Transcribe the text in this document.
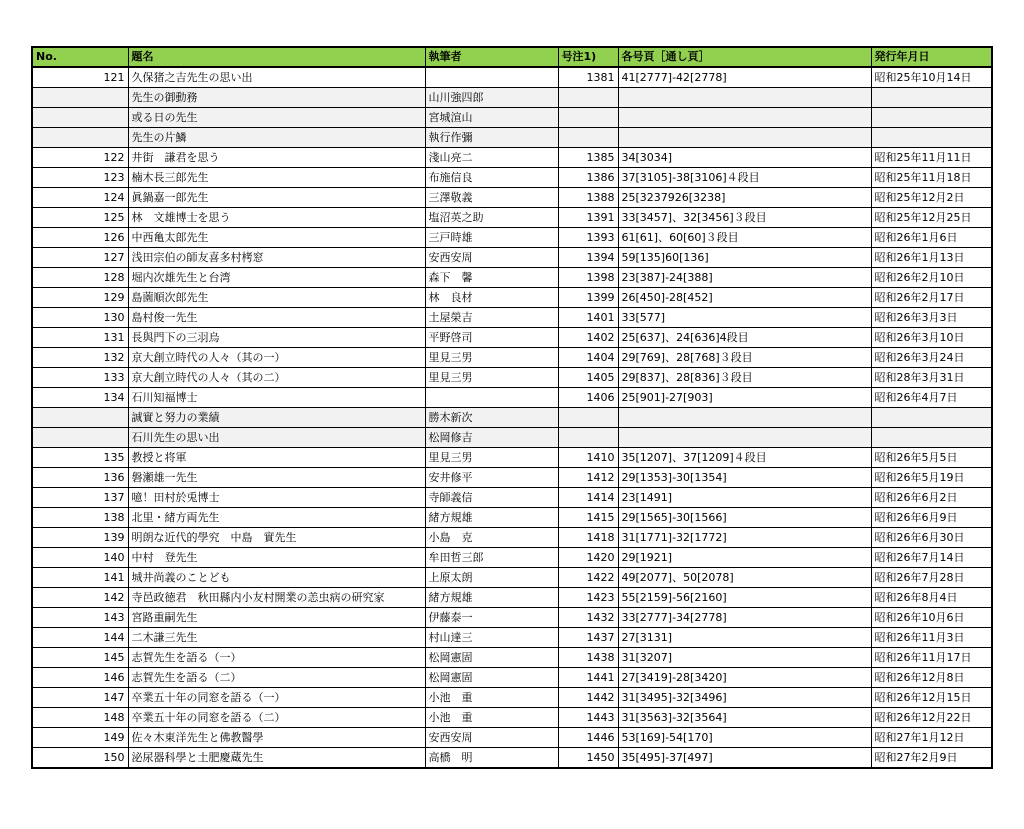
No.	題名	執筆者	号注1)	各号頁［通し頁］	発行年月日
121	久保猪之吉先生の思い出		1381	41[2777]-42[2778]	昭和25年10月14日
	先生の御動務	山川強四郎			
	或る日の先生	宮城渲山			
	先生の片鱗	執行作彌			
122	井街　謙君を思う	淺山亮二	1385	34[3034]	昭和25年11月11日
123	楠木長三郎先生	布施信良	1386	37[3105]-38[3106]４段目	昭和25年11月18日
124	眞鍋嘉一郎先生	三澤敬義	1388	25[3237926[3238]	昭和25年12月2日
125	林　文雄博士を思う	塩沼英之助	1391	33[3457]、32[3456]３段目	昭和25年12月25日
126	中西亀太郎先生	三戸時雄	1393	61[61]、60[60]３段目	昭和26年1月6日
127	浅田宗伯の師友喜多村栲窓	安西安周	1394	59[135]60[136]	昭和26年1月13日
128	堀内次雄先生と台湾	森下　馨	1398	23[387]-24[388]	昭和26年2月10日
129	島薗順次郎先生	林　良材	1399	26[450]-28[452]	昭和26年2月17日
130	島村俊一先生	土屋榮吉	1401	33[577]	昭和26年3月3日
131	長與門下の三羽烏	平野啓司	1402	25[637]、24[636]4段目	昭和26年3月10日
132	京大創立時代の人々（其の一）	里見三男	1404	29[769]、28[768]３段目	昭和26年3月24日
133	京大創立時代の人々（其の二）	里見三男	1405	29[837]、28[836]３段目	昭和28年3月31日
134	石川知福博士		1406	25[901]-27[903]	昭和26年4月7日
	誠實と努力の業績	勝木新次			
	石川先生の思い出	松岡修吉			
135	教授と将軍	里見三男	1410	35[1207]、37[1209]４段目	昭和26年5月5日
136	磐瀬雄一先生	安井修平	1412	29[1353]-30[1354]	昭和26年5月19日
137	噫！田村於兎博士	寺師義信	1414	23[1491]	昭和26年6月2日
138	北里・緒方両先生	緒方規雄	1415	29[1565]-30[1566]	昭和26年6月9日
139	明朗な近代的學究　中島　實先生	小島　克	1418	31[1771]-32[1772]	昭和26年6月30日
140	中村　登先生	牟田哲三郎	1420	29[1921]	昭和26年7月14日
141	城井尚義のことども	上原太朗	1422	49[2077]、50[2078]	昭和26年7月28日
142	寺邑政徳君　秋田縣内小友村開業の恙虫病の研究家	緒方規雄	1423	55[2159]-56[2160]	昭和26年8月4日
143	宮路重嗣先生	伊藤泰一	1432	33[2777]-34[2778]	昭和26年10月6日
144	二木謙三先生	村山達三	1437	27[3131]	昭和26年11月3日
145	志賀先生を語る（一）	松岡憲固	1438	31[3207]	昭和26年11月17日
146	志賀先生を語る（二）	松岡憲固	1441	27[3419]-28[3420]	昭和26年12月8日
147	卒業五十年の同窓を語る（一）	小池　重	1442	31[3495]-32[3496]	昭和26年12月15日
148	卒業五十年の同窓を語る（二）	小池　重	1443	31[3563]-32[3564]	昭和26年12月22日
149	佐々木東洋先生と佛教醫學	安西安周	1446	53[169]-54[170]	昭和27年1月12日
150	泌尿器科學と土肥慶蔵先生	高橋　明	1450	35[495]-37[497]	昭和27年2月9日
